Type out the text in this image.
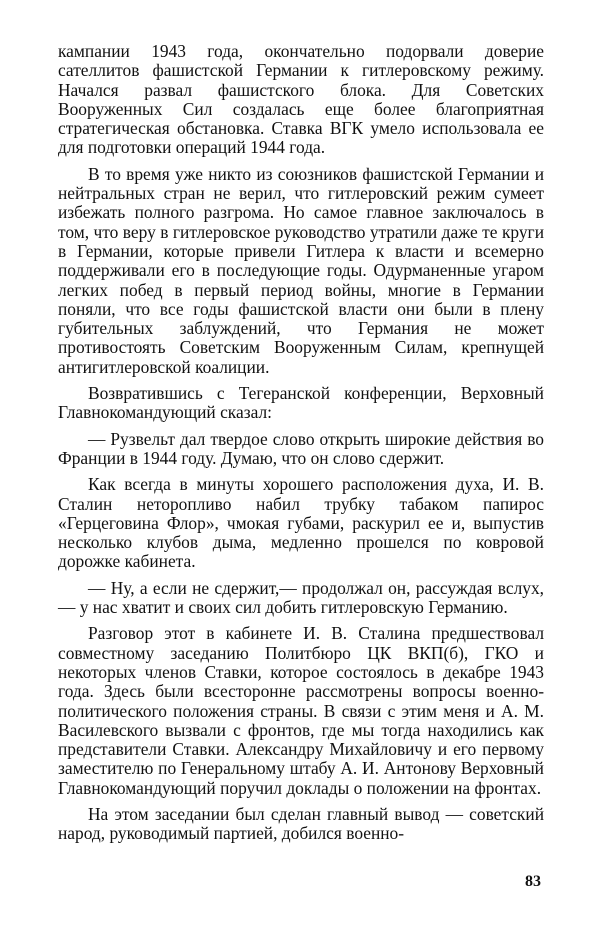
кампании 1943 года, окончательно подорвали доверие сателлитов фашистской Германии к гитлеровскому режиму. Начался развал фашистского блока. Для Советских Вооруженных Сил создалась еще более благоприятная стратегическая обстановка. Ставка ВГК умело использовала ее для подготовки операций 1944 года.

В то время уже никто из союзников фашистской Германии и нейтральных стран не верил, что гитлеровский режим сумеет избежать полного разгрома. Но самое главное заключалось в том, что веру в гитлеровское руководство утратили даже те круги в Германии, которые привели Гитлера к власти и всемерно поддерживали его в последующие годы. Одурманенные угаром легких побед в первый период войны, многие в Германии поняли, что все годы фашистской власти они были в плену губительных заблуждений, что Германия не может противостоять Советским Вооруженным Силам, крепнущей антигитлеровской коалиции.

Возвратившись с Тегеранской конференции, Верховный Главнокомандующий сказал:

— Рузвельт дал твердое слово открыть широкие действия во Франции в 1944 году. Думаю, что он слово сдержит.

Как всегда в минуты хорошего расположения духа, И. В. Сталин неторопливо набил трубку табаком папирос «Герцеговина Флор», чмокая губами, раскурил ее и, выпустив несколько клубов дыма, медленно прошелся по ковровой дорожке кабинета.

— Ну, а если не сдержит,— продолжал он, рассуждая вслух,— у нас хватит и своих сил добить гитлеровскую Германию.

Разговор этот в кабинете И. В. Сталина предшествовал совместному заседанию Политбюро ЦК ВКП(б), ГКО и некоторых членов Ставки, которое состоялось в декабре 1943 года. Здесь были всесторонне рассмотрены вопросы военно-политического положения страны. В связи с этим меня и А. М. Василевского вызвали с фронтов, где мы тогда находились как представители Ставки. Александру Михайловичу и его первому заместителю по Генеральному штабу А. И. Антонову Верховный Главнокомандующий поручил доклады о положении на фронтах.

На этом заседании был сделан главный вывод — советский народ, руководимый партией, добился военно-

83
